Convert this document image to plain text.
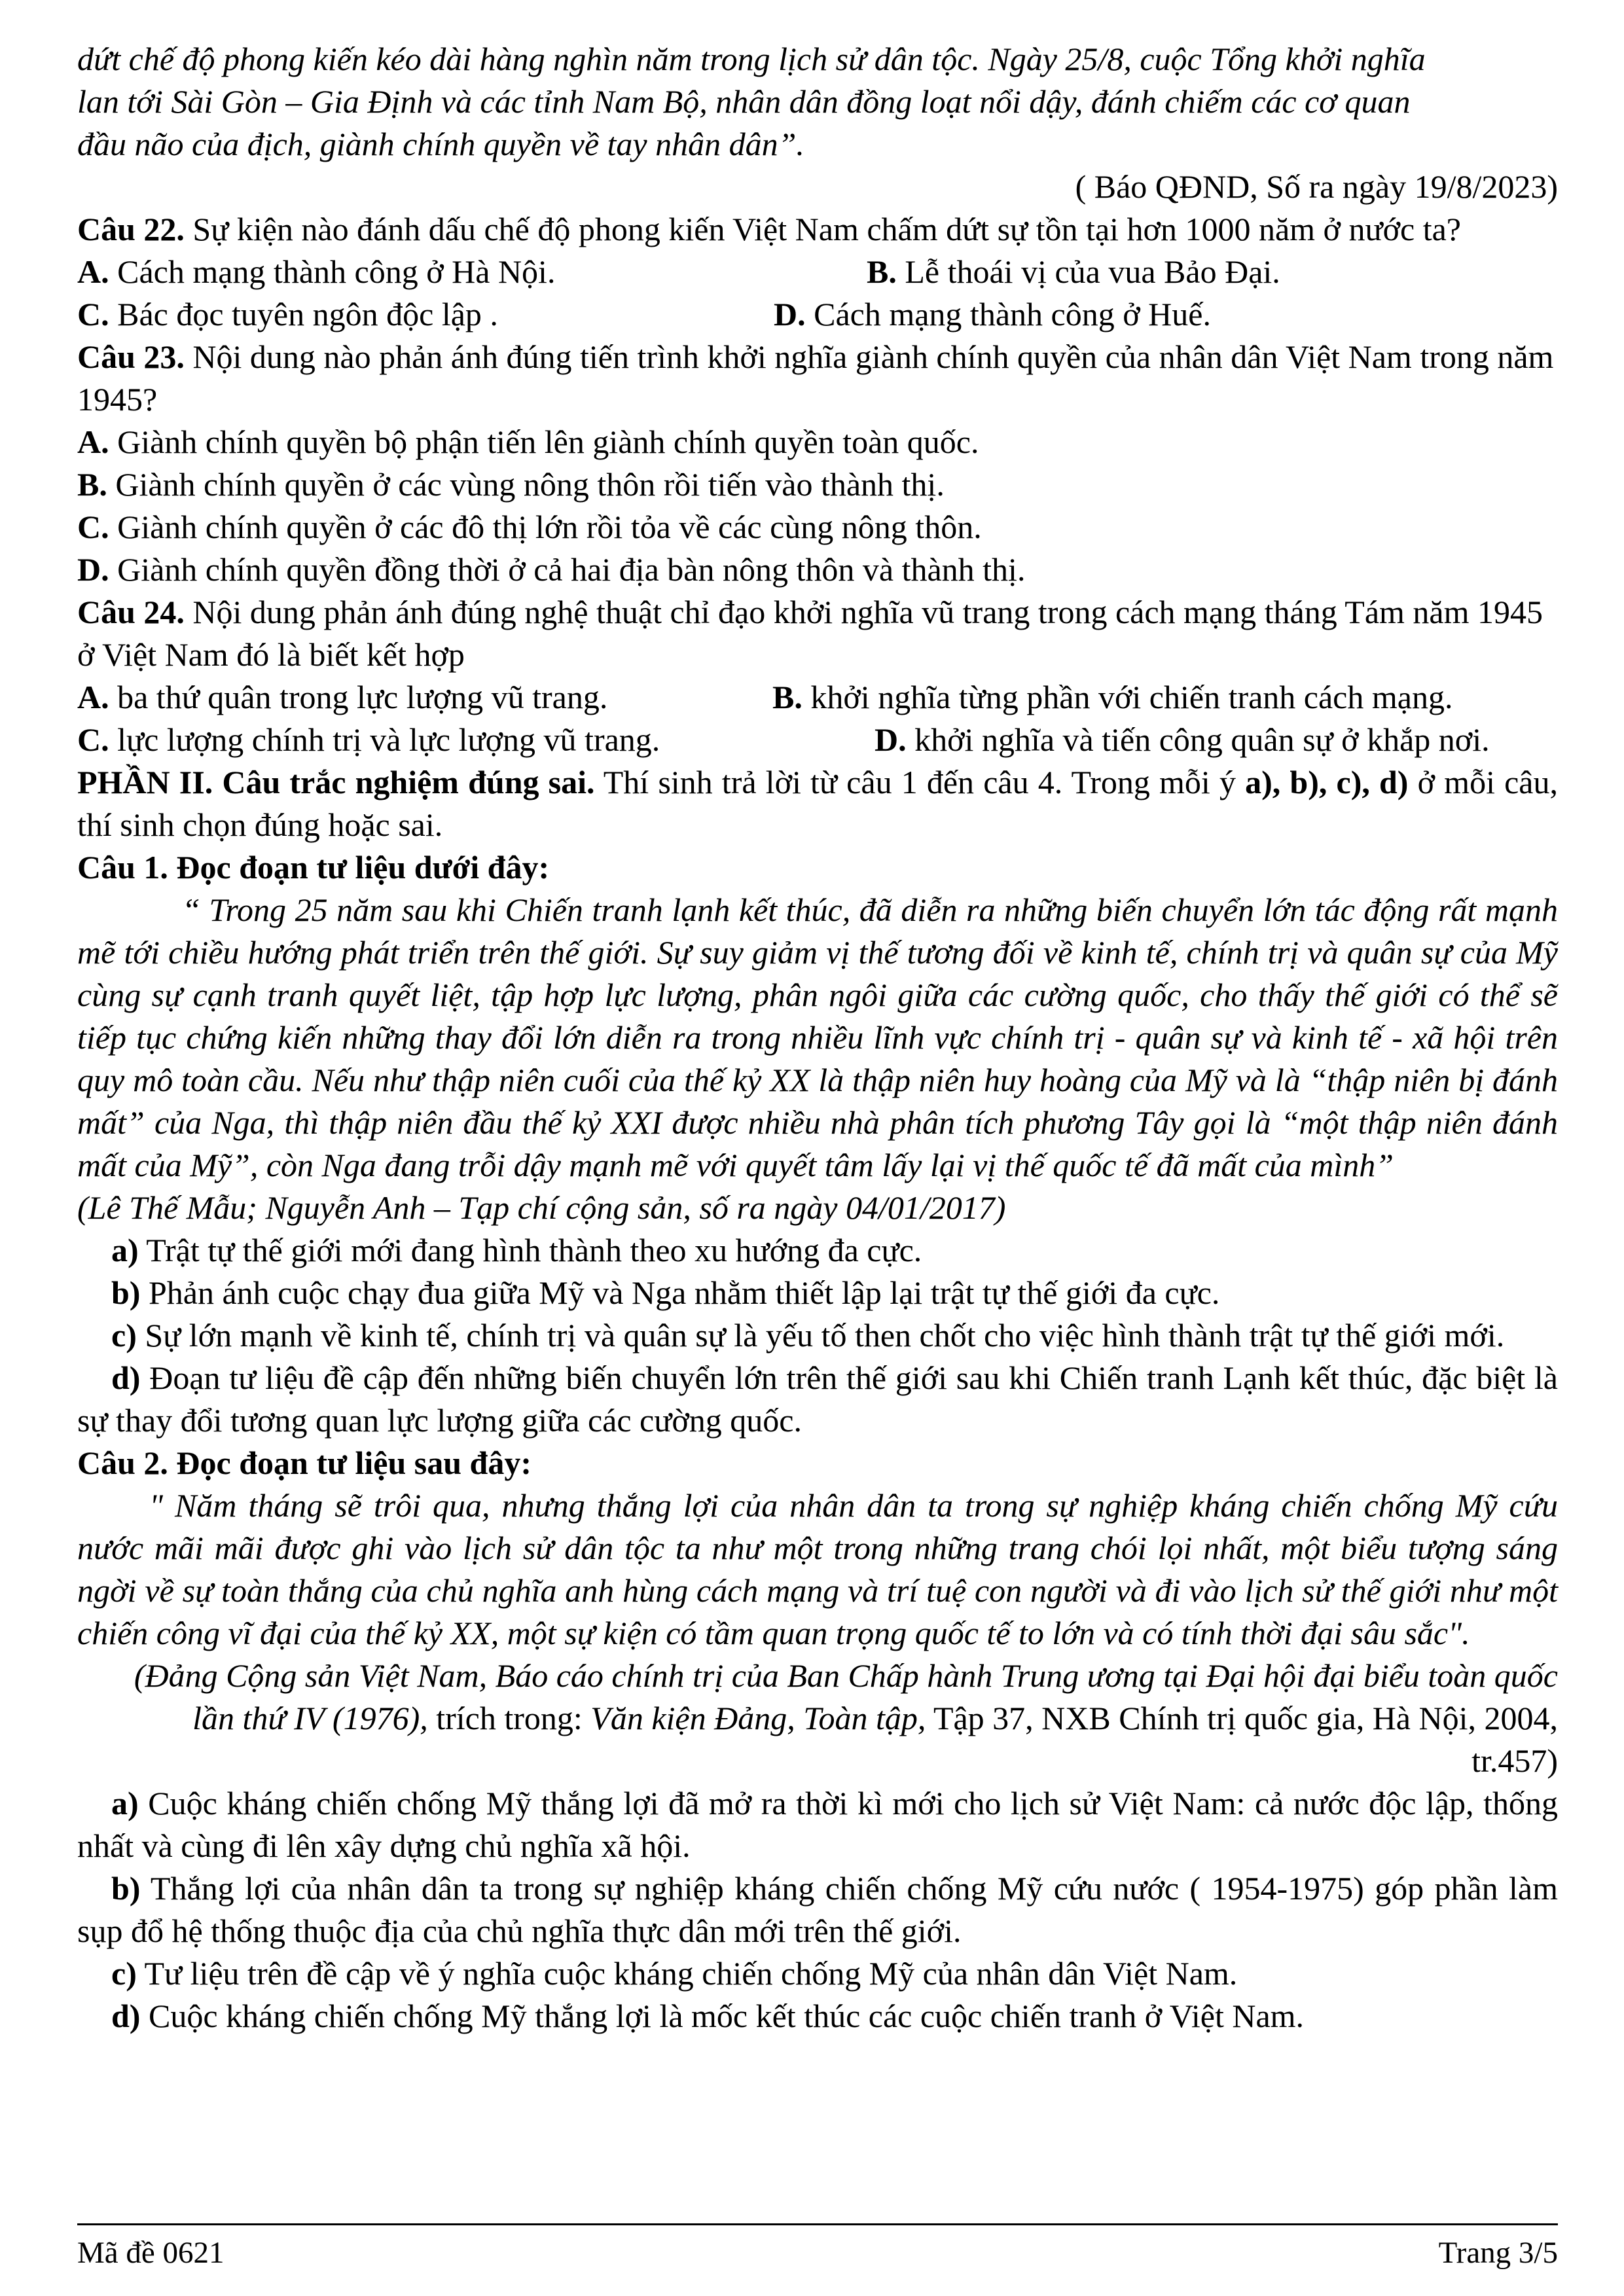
dứt chế độ phong kiến kéo dài hàng nghìn năm trong lịch sử dân tộc. Ngày 25/8, cuộc Tổng khởi nghĩa
lan tới Sài Gòn – Gia Định và các tỉnh Nam Bộ, nhân dân đồng loạt nổi dậy, đánh chiếm các cơ quan
đầu não của địch, giành chính quyền về tay nhân dân”.
( Báo QĐND, Số ra ngày 19/8/2023)
Câu 22. Sự kiện nào đánh dấu chế độ phong kiến Việt Nam chấm dứt sự tồn tại hơn 1000 năm ở nước ta?
A. Cách mạng thành công ở Hà Nội.	B. Lễ thoái vị của vua Bảo Đại.
C. Bác đọc tuyên ngôn độc lập .	D. Cách mạng thành công ở Huế.
Câu 23. Nội dung nào phản ánh đúng tiến trình khởi nghĩa giành chính quyền của nhân dân Việt Nam trong năm 1945?
A. Giành chính quyền bộ phận tiến lên giành chính quyền toàn quốc.
B. Giành chính quyền ở các vùng nông thôn rồi tiến vào thành thị.
C. Giành chính quyền ở các đô thị lớn rồi tỏa về các cùng nông thôn.
D. Giành chính quyền đồng thời ở cả hai địa bàn nông thôn và thành thị.
Câu 24. Nội dung phản ánh đúng nghệ thuật chỉ đạo khởi nghĩa vũ trang trong cách mạng tháng Tám năm 1945 ở Việt Nam đó là biết kết hợp
A. ba thứ quân trong lực lượng vũ trang.	B. khởi nghĩa từng phần với chiến tranh cách mạng.
C. lực lượng chính trị và lực lượng vũ trang.	D. khởi nghĩa và tiến công quân sự ở khắp nơi.
PHẦN II. Câu trắc nghiệm đúng sai. Thí sinh trả lời từ câu 1 đến câu 4. Trong mỗi ý a), b), c), d) ở mỗi câu, thí sinh chọn đúng hoặc sai.
Câu 1. Đọc đoạn tư liệu dưới đây:
“ Trong 25 năm sau khi Chiến tranh lạnh kết thúc, đã diễn ra những biến chuyển lớn tác động rất mạnh mẽ tới chiều hướng phát triển trên thế giới. Sự suy giảm vị thế tương đối về kinh tế, chính trị và quân sự của Mỹ cùng sự cạnh tranh quyết liệt, tập hợp lực lượng, phân ngôi giữa các cường quốc, cho thấy thế giới có thể sẽ tiếp tục chứng kiến những thay đổi lớn diễn ra trong nhiều lĩnh vực chính trị - quân sự và kinh tế - xã hội trên quy mô toàn cầu. Nếu như thập niên cuối của thế kỷ XX là thập niên huy hoàng của Mỹ và là “thập niên bị đánh mất” của Nga, thì thập niên đầu thế kỷ XXI được nhiều nhà phân tích phương Tây gọi là “một thập niên đánh mất của Mỹ”, còn Nga đang trỗi dậy mạnh mẽ với quyết tâm lấy lại vị thế quốc tế đã mất của mình”
(Lê Thế Mẫu; Nguyễn Anh – Tạp chí cộng sản, số ra ngày 04/01/2017)
a) Trật tự thế giới mới đang hình thành theo xu hướng đa cực.
b) Phản ánh cuộc chạy đua giữa Mỹ và Nga nhằm thiết lập lại trật tự thế giới đa cực.
c) Sự lớn mạnh về kinh tế, chính trị và quân sự là yếu tố then chốt cho việc hình thành trật tự thế giới mới.
d) Đoạn tư liệu đề cập đến những biến chuyển lớn trên thế giới sau khi Chiến tranh Lạnh kết thúc, đặc biệt là sự thay đổi tương quan lực lượng giữa các cường quốc.
Câu 2. Đọc đoạn tư liệu sau đây:
" Năm tháng sẽ trôi qua, nhưng thắng lợi của nhân dân ta trong sự nghiệp kháng chiến chống Mỹ cứu nước mãi mãi được ghi vào lịch sử dân tộc ta như một trong những trang chói lọi nhất, một biểu tượng sáng ngời về sự toàn thắng của chủ nghĩa anh hùng cách mạng và trí tuệ con người và đi vào lịch sử thế giới như một chiến công vĩ đại của thế kỷ XX, một sự kiện có tầm quan trọng quốc tế to lớn và có tính thời đại sâu sắc".
(Đảng Cộng sản Việt Nam, Báo cáo chính trị của Ban Chấp hành Trung ương tại Đại hội đại biểu toàn quốc lần thứ IV (1976), trích trong: Văn kiện Đảng, Toàn tập, Tập 37, NXB Chính trị quốc gia, Hà Nội, 2004, tr.457)
a) Cuộc kháng chiến chống Mỹ thắng lợi đã mở ra thời kì mới cho lịch sử Việt Nam: cả nước độc lập, thống nhất và cùng đi lên xây dựng chủ nghĩa xã hội.
b) Thắng lợi của nhân dân ta trong sự nghiệp kháng chiến chống Mỹ cứu nước ( 1954-1975) góp phần làm sụp đổ hệ thống thuộc địa của chủ nghĩa thực dân mới trên thế giới.
c) Tư liệu trên đề cập về ý nghĩa cuộc kháng chiến chống Mỹ của nhân dân Việt Nam.
d) Cuộc kháng chiến chống Mỹ thắng lợi là mốc kết thúc các cuộc chiến tranh ở Việt Nam.
Mã đề 0621	Trang 3/5
